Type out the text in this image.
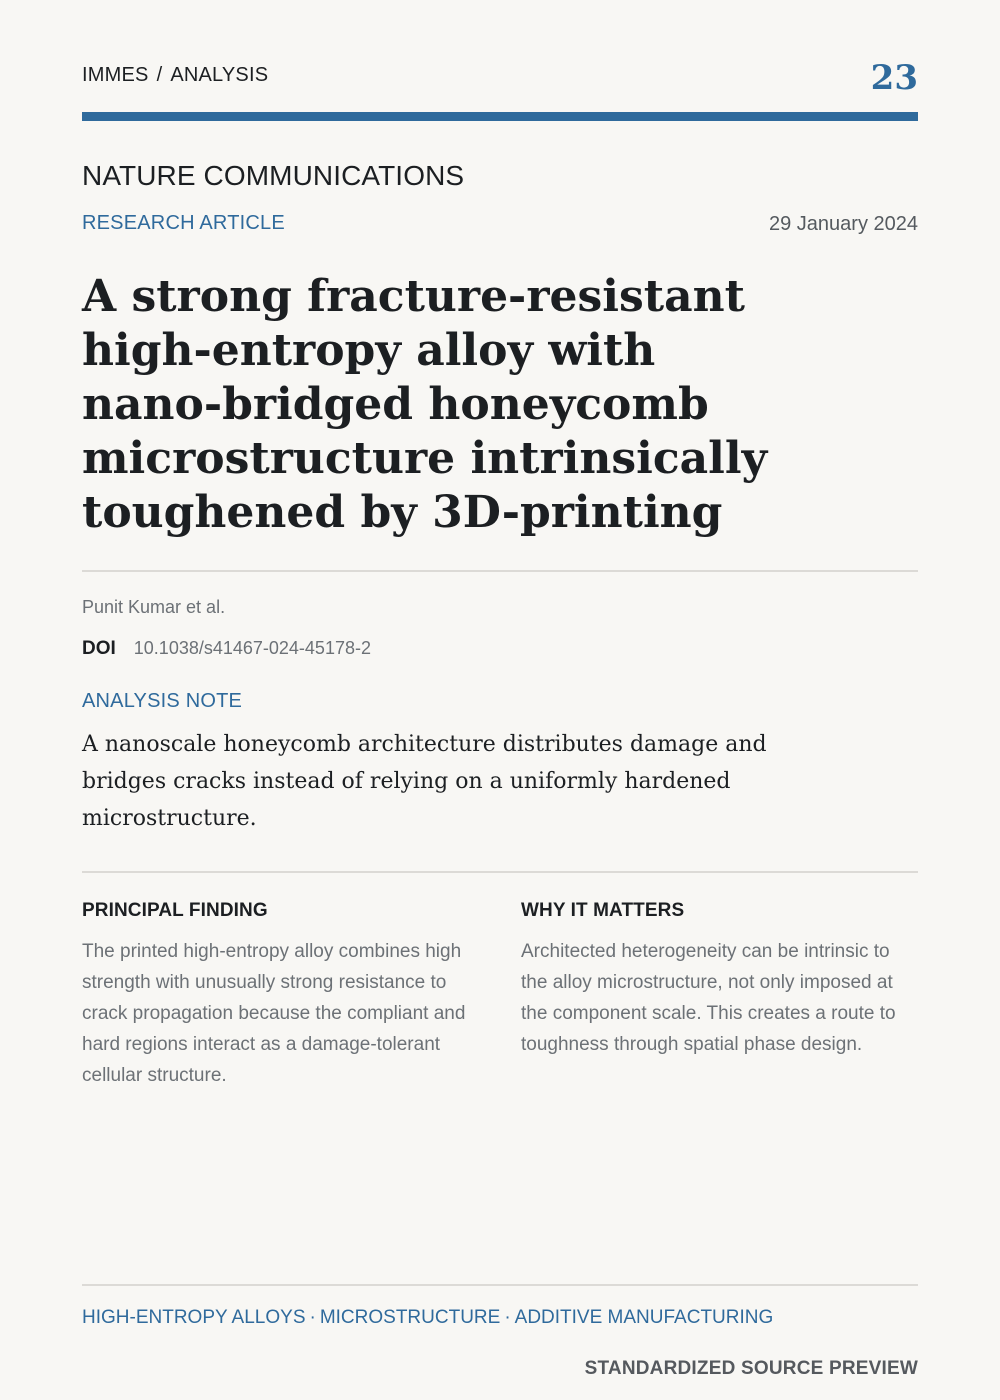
IMMES / ANALYSIS	23
NATURE COMMUNICATIONS
RESEARCH ARTICLE	29 January 2024
A strong fracture-resistant high-entropy alloy with nano-bridged honeycomb microstructure intrinsically toughened by 3D-printing
Punit Kumar et al.
DOI 10.1038/s41467-024-45178-2
ANALYSIS NOTE

A nanoscale honeycomb architecture distributes damage and bridges cracks instead of relying on a uniformly hardened microstructure.

PRINCIPAL FINDING

The printed high-entropy alloy combines high strength with unusually strong resistance to crack propagation because the compliant and hard regions interact as a damage-tolerant cellular structure.

WHY IT MATTERS

Architected heterogeneity can be intrinsic to the alloy microstructure, not only imposed at the component scale. This creates a route to toughness through spatial phase design.

HIGH-ENTROPY ALLOYS · MICROSTRUCTURE · ADDITIVE MANUFACTURING
STANDARDIZED SOURCE PREVIEW
